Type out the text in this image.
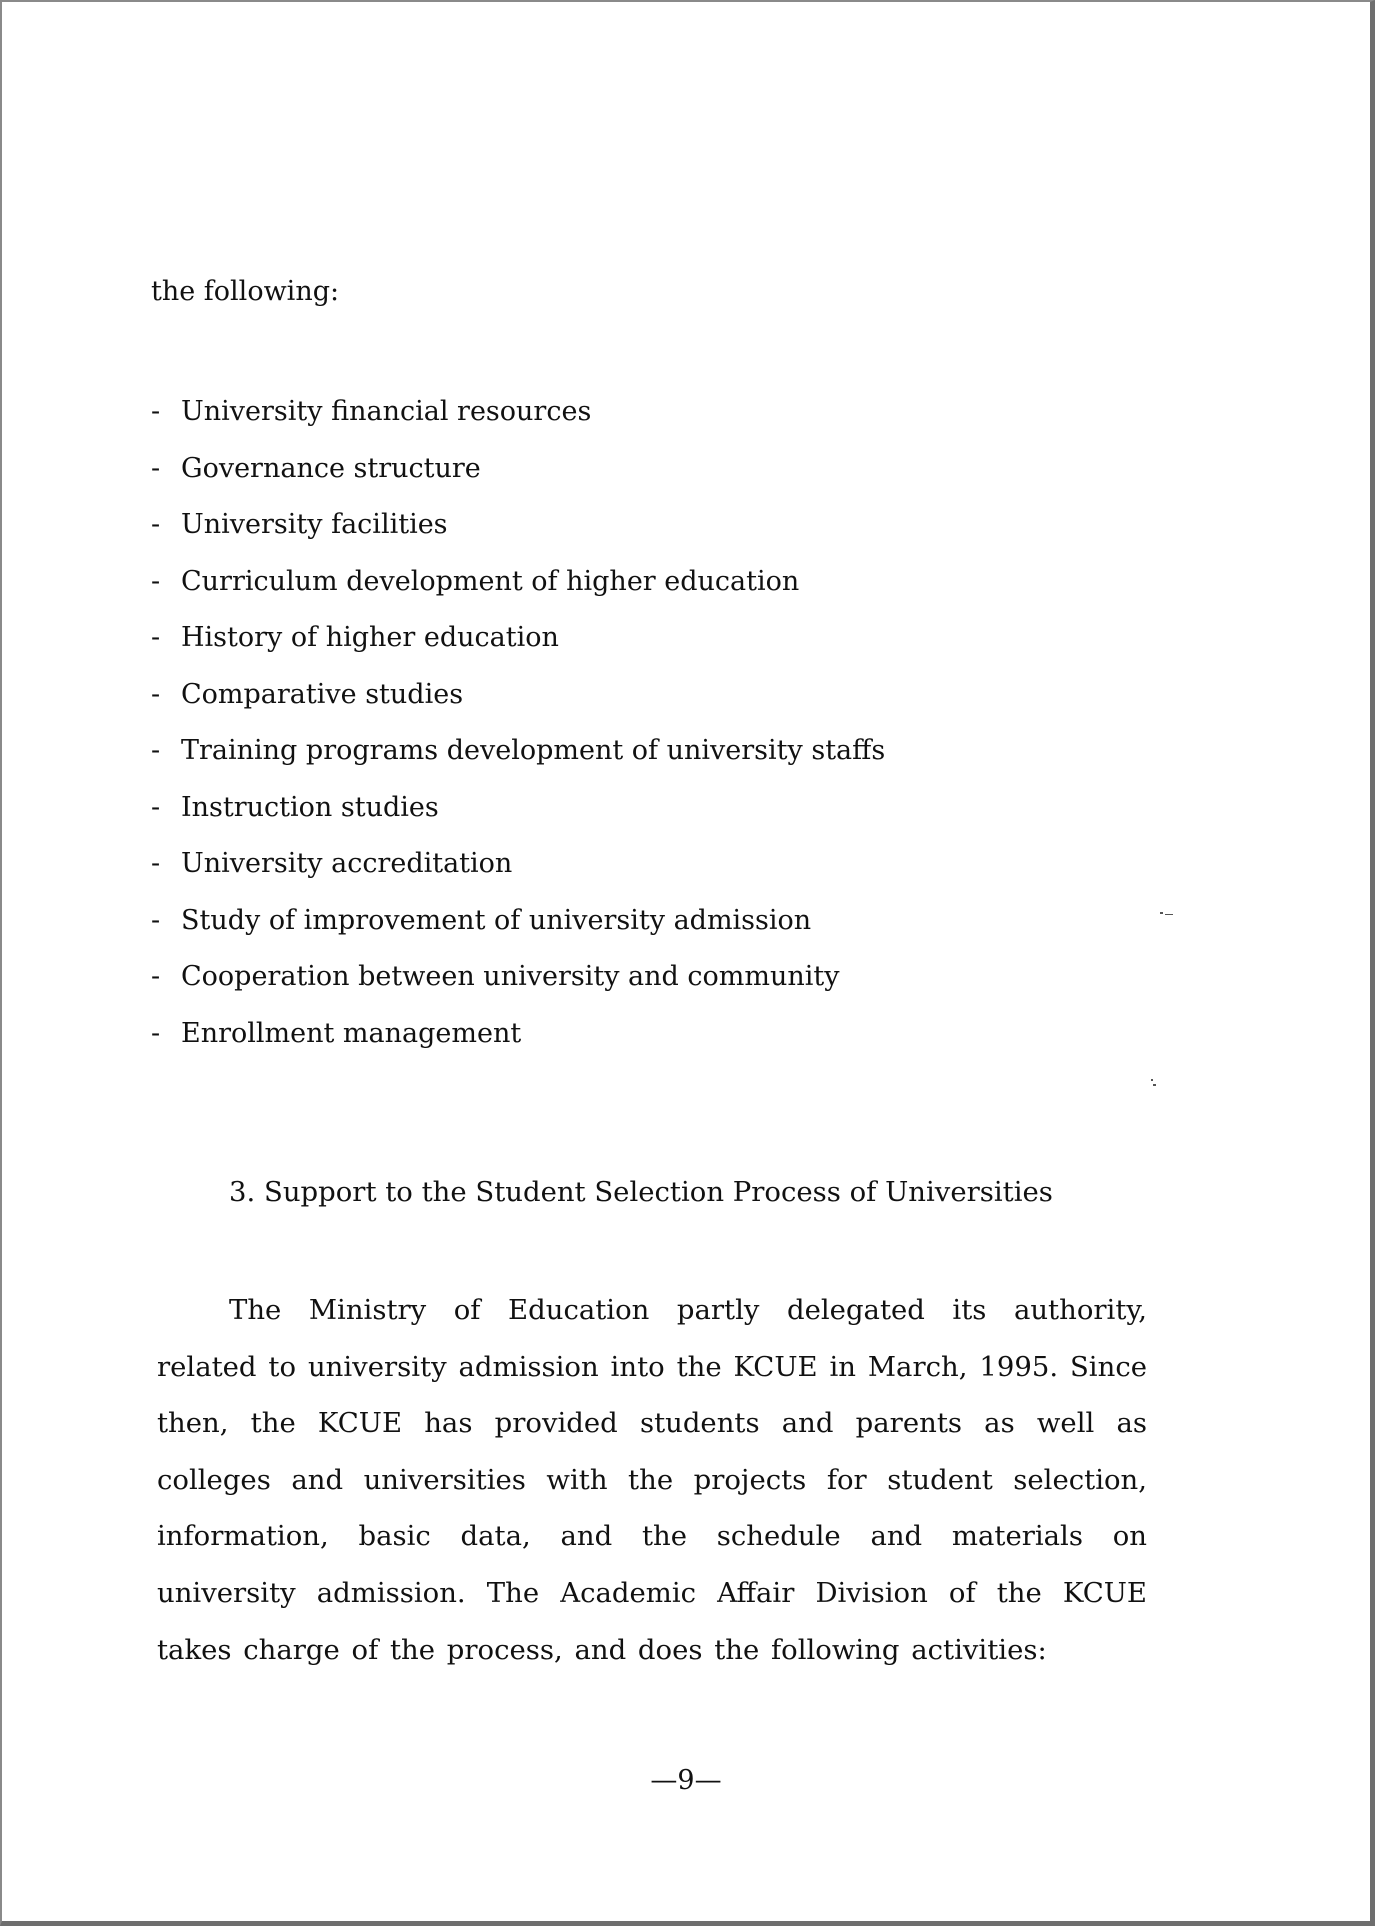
the following:

- University financial resources
- Governance structure
- University facilities
- Curriculum development of higher education
- History of higher education
- Comparative studies
- Training programs development of university staffs
- Instruction studies
- University accreditation
- Study of improvement of university admission
- Cooperation between university and community
- Enrollment management
3. Support to the Student Selection Process of Universities

The Ministry of Education partly delegated its authority, related to university admission into the KCUE in March, 1995. Since then, the KCUE has provided students and parents as well as colleges and universities with the projects for student selection, information, basic data, and the schedule and materials on university admission. The Academic Affair Division of the KCUE takes charge of the process, and does the following activities:

—9—
